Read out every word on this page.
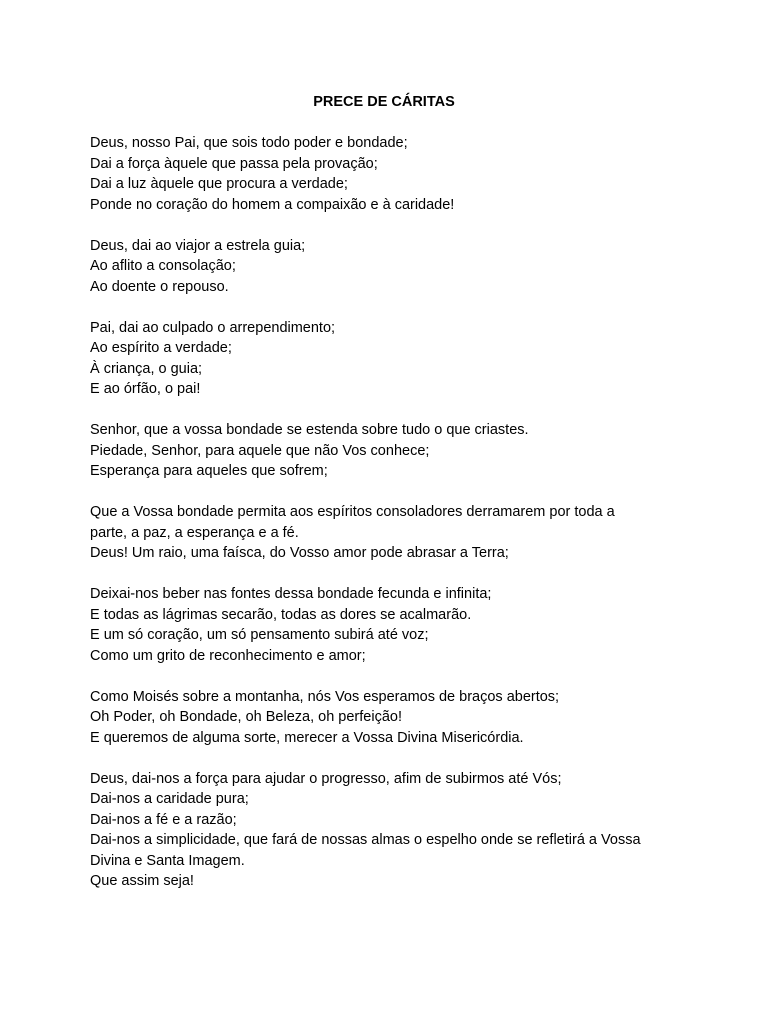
PRECE DE CÁRITAS
Deus, nosso Pai, que sois todo poder e bondade;
Dai a força àquele que passa pela provação;
Dai a luz àquele que procura a verdade;
Ponde no coração do homem a compaixão e à caridade!
Deus, dai ao viajor a estrela guia;
Ao aflito a consolação;
Ao doente o repouso.
Pai, dai ao culpado o arrependimento;
Ao espírito a verdade;
À criança, o guia;
E ao órfão, o pai!
Senhor, que a vossa bondade se estenda sobre tudo o que criastes.
Piedade, Senhor, para aquele que não Vos conhece;
Esperança para aqueles que sofrem;
Que a Vossa bondade permita aos espíritos consoladores derramarem por toda a
parte, a paz, a esperança e a fé.
Deus! Um raio, uma faísca, do Vosso amor pode abrasar a Terra;
Deixai-nos beber nas fontes dessa bondade fecunda e infinita;
E todas as lágrimas secarão, todas as dores se acalmarão.
E um só coração, um só pensamento subirá até voz;
Como um grito de reconhecimento e amor;
Como Moisés sobre a montanha, nós Vos esperamos de braços abertos;
Oh Poder, oh Bondade, oh Beleza, oh perfeição!
E queremos de alguma sorte, merecer a Vossa Divina Misericórdia.
Deus, dai-nos a força para ajudar o progresso, afim de subirmos até Vós;
Dai-nos a caridade pura;
Dai-nos a fé e a razão;
Dai-nos a simplicidade, que fará de nossas almas o espelho onde se refletirá a Vossa
Divina e Santa Imagem.
Que assim seja!
